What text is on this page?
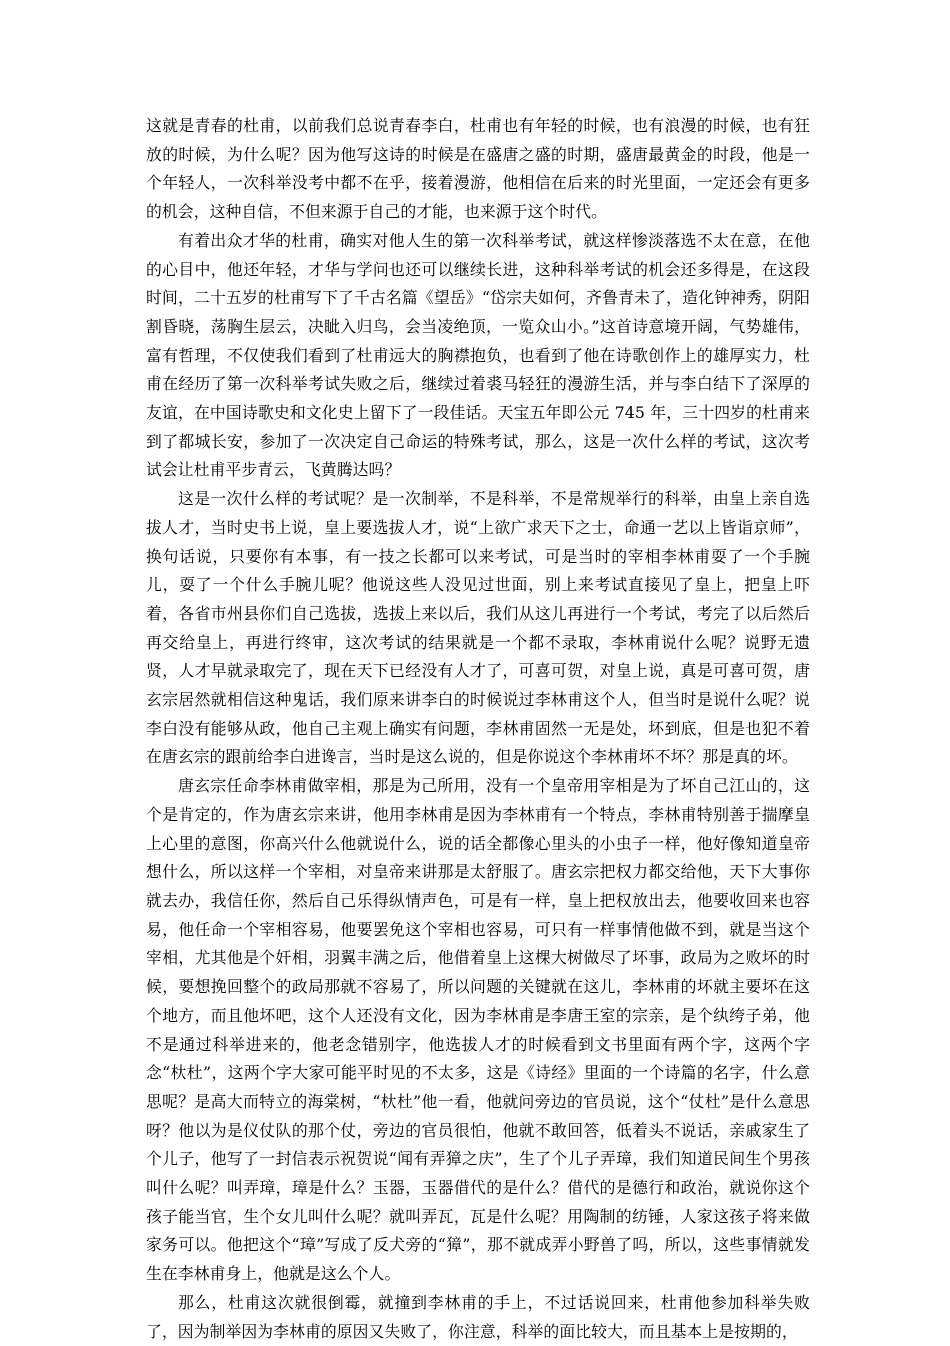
这就是青春的杜甫，以前我们总说青春李白，杜甫也有年轻的时候，也有浪漫的时候，也有狂放的时候，为什么呢？因为他写这诗的时候是在盛唐之盛的时期，盛唐最黄金的时段，他是一个年轻人，一次科举没考中都不在乎，接着漫游，他相信在后来的时光里面，一定还会有更多的机会，这种自信，不但来源于自己的才能，也来源于这个时代。

有着出众才华的杜甫，确实对他人生的第一次科举考试，就这样惨淡落选不太在意，在他的心目中，他还年轻，才华与学问也还可以继续长进，这种科举考试的机会还多得是，在这段时间，二十五岁的杜甫写下了千古名篇《望岳》“岱宗夫如何，齐鲁青未了，造化钟神秀，阴阳割昏晓，荡胸生层云，决眦入归鸟，会当凌绝顶，一览众山小。”这首诗意境开阔，气势雄伟，富有哲理，不仅使我们看到了杜甫远大的胸襟抱负，也看到了他在诗歌创作上的雄厚实力，杜甫在经历了第一次科举考试失败之后，继续过着裘马轻狂的漫游生活，并与李白结下了深厚的友谊，在中国诗歌史和文化史上留下了一段佳话。天宝五年即公元 745 年，三十四岁的杜甫来到了都城长安，参加了一次决定自己命运的特殊考试，那么，这是一次什么样的考试，这次考试会让杜甫平步青云，飞黄腾达吗？

这是一次什么样的考试呢？是一次制举，不是科举，不是常规举行的科举，由皇上亲自选拔人才，当时史书上说，皇上要选拔人才，说“上欲广求天下之士，命通一艺以上皆诣京师”，换句话说，只要你有本事，有一技之长都可以来考试，可是当时的宰相李林甫耍了一个手腕儿，耍了一个什么手腕儿呢？他说这些人没见过世面，别上来考试直接见了皇上，把皇上吓着，各省市州县你们自己选拔，选拔上来以后，我们从这儿再进行一个考试，考完了以后然后再交给皇上，再进行终审，这次考试的结果就是一个都不录取，李林甫说什么呢？说野无遗贤，人才早就录取完了，现在天下已经没有人才了，可喜可贺，对皇上说，真是可喜可贺，唐玄宗居然就相信这种鬼话，我们原来讲李白的时候说过李林甫这个人，但当时是说什么呢？说李白没有能够从政，他自己主观上确实有问题，李林甫固然一无是处，坏到底，但是也犯不着在唐玄宗的跟前给李白进谗言，当时是这么说的，但是你说这个李林甫坏不坏？那是真的坏。

唐玄宗任命李林甫做宰相，那是为己所用，没有一个皇帝用宰相是为了坏自己江山的，这个是肯定的，作为唐玄宗来讲，他用李林甫是因为李林甫有一个特点，李林甫特别善于揣摩皇上心里的意图，你高兴什么他就说什么，说的话全都像心里头的小虫子一样，他好像知道皇帝想什么，所以这样一个宰相，对皇帝来讲那是太舒服了。唐玄宗把权力都交给他，天下大事你就去办，我信任你，然后自己乐得纵情声色，可是有一样，皇上把权放出去，他要收回来也容易，他任命一个宰相容易，他要罢免这个宰相也容易，可只有一样事情他做不到，就是当这个宰相，尤其他是个奸相，羽翼丰满之后，他借着皇上这棵大树做尽了坏事，政局为之败坏的时候，要想挽回整个的政局那就不容易了，所以问题的关键就在这儿，李林甫的坏就主要坏在这个地方，而且他坏吧，这个人还没有文化，因为李林甫是李唐王室的宗亲，是个纨绔子弟，他不是通过科举进来的，他老念错别字，他选拔人才的时候看到文书里面有两个字，这两个字念“杕杜”，这两个字大家可能平时见的不太多，这是《诗经》里面的一个诗篇的名字，什么意思呢？是高大而特立的海棠树，“杕杜”他一看，他就问旁边的官员说，这个“仗杜”是什么意思呀？他以为是仪仗队的那个仗，旁边的官员很怕，他就不敢回答，低着头不说话，亲戚家生了个儿子，他写了一封信表示祝贺说“闻有弄獐之庆”，生了个儿子弄璋，我们知道民间生个男孩叫什么呢？叫弄璋，璋是什么？玉器，玉器借代的是什么？借代的是德行和政治，就说你这个孩子能当官，生个女儿叫什么呢？就叫弄瓦，瓦是什么呢？用陶制的纺锤，人家这孩子将来做家务可以。他把这个“璋”写成了反犬旁的“獐”，那不就成弄小野兽了吗，所以，这些事情就发生在李林甫身上，他就是这么个人。

那么，杜甫这次就很倒霉，就撞到李林甫的手上，不过话说回来，杜甫他参加科举失败了，因为制举因为李林甫的原因又失败了，你注意，科举的面比较大，而且基本上是按期的，
